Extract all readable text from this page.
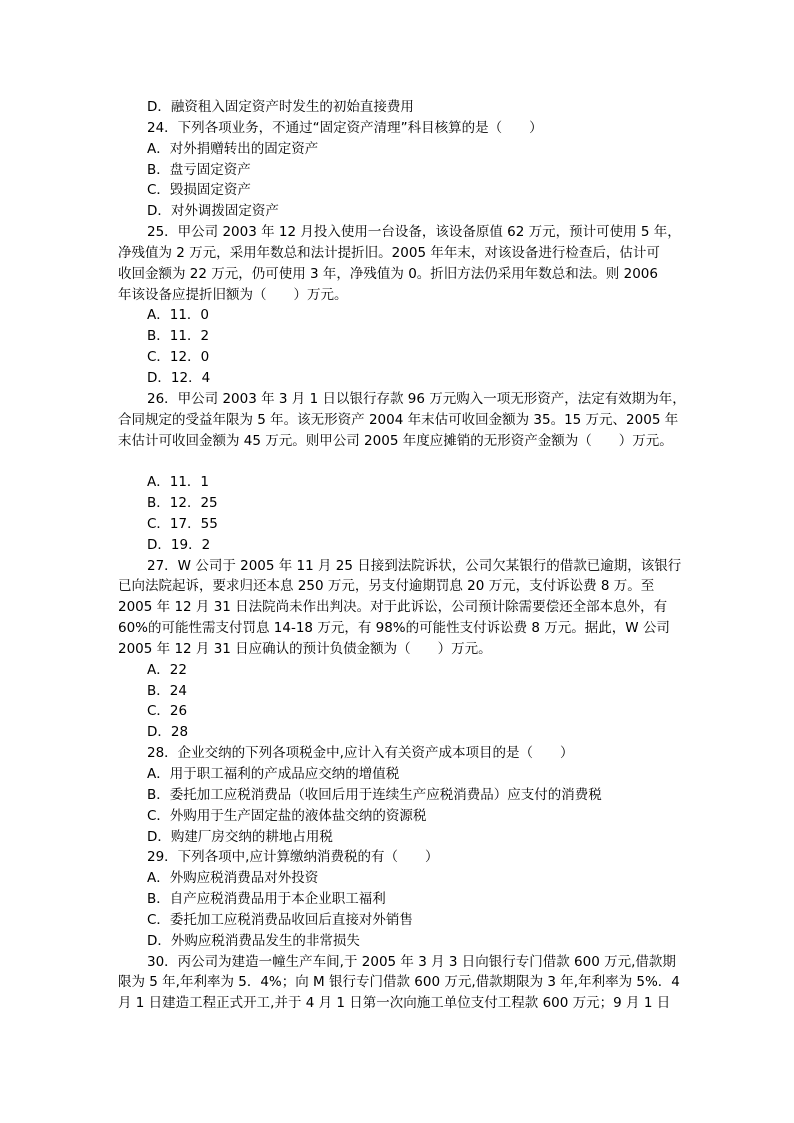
D．融资租入固定资产时发生的初始直接费用
24．下列各项业务，不通过“固定资产清理”科目核算的是（　　）
A．对外捐赠转出的固定资产
B．盘亏固定资产
C．毁损固定资产
D．对外调拨固定资产
25．甲公司 2003 年 12 月投入使用一台设备，该设备原值 62 万元，预计可使用 5 年，
净残值为 2 万元，采用年数总和法计提折旧。2005 年年末，对该设备进行检查后，估计可
收回金额为 22 万元，仍可使用 3 年，净残值为 0。折旧方法仍采用年数总和法。则 2006
年该设备应提折旧额为（　　）万元。
A．11．0
B．11．2
C．12．0
D．12．4
26．甲公司 2003 年 3 月 1 日以银行存款 96 万元购入一项无形资产，法定有效期为年，
合同规定的受益年限为 5 年。该无形资产 2004 年末估可收回金额为 35。15 万元、2005 年
末估计可收回金额为 45 万元。则甲公司 2005 年度应摊销的无形资产金额为（　　）万元。
A．11．1
B．12．25
C．17．55
D．19．2
27．W 公司于 2005 年 11 月 25 日接到法院诉状，公司欠某银行的借款已逾期，该银行
已向法院起诉，要求归还本息 250 万元，另支付逾期罚息 20 万元，支付诉讼费 8 万。至
2005 年 12 月 31 日法院尚未作出判决。对于此诉讼，公司预计除需要偿还全部本息外，有
60%的可能性需支付罚息 14-18 万元，有 98%的可能性支付诉讼费 8 万元。据此，W 公司
2005 年 12 月 31 日应确认的预计负债金额为（　　）万元。
A．22
B．24
C．26
D．28
28．企业交纳的下列各项税金中,应计入有关资产成本项目的是（　　）
A．用于职工福利的产成品应交纳的增值税
B．委托加工应税消费品（收回后用于连续生产应税消费品）应支付的消费税
C．外购用于生产固定盐的液体盐交纳的资源税
D．购建厂房交纳的耕地占用税
29．下列各项中,应计算缴纳消费税的有（　　）
A．外购应税消费品对外投资
B．自产应税消费品用于本企业职工福利
C．委托加工应税消费品收回后直接对外销售
D．外购应税消费品发生的非常损失
30．丙公司为建造一幢生产车间,于 2005 年 3 月 3 日向银行专门借款 600 万元,借款期
限为 5 年,年利率为 5．4%；向 M 银行专门借款 600 万元,借款期限为 3 年,年利率为 5%．4
月 1 日建造工程正式开工,并于 4 月 1 日第一次向施工单位支付工程款 600 万元；9 月 1 日
